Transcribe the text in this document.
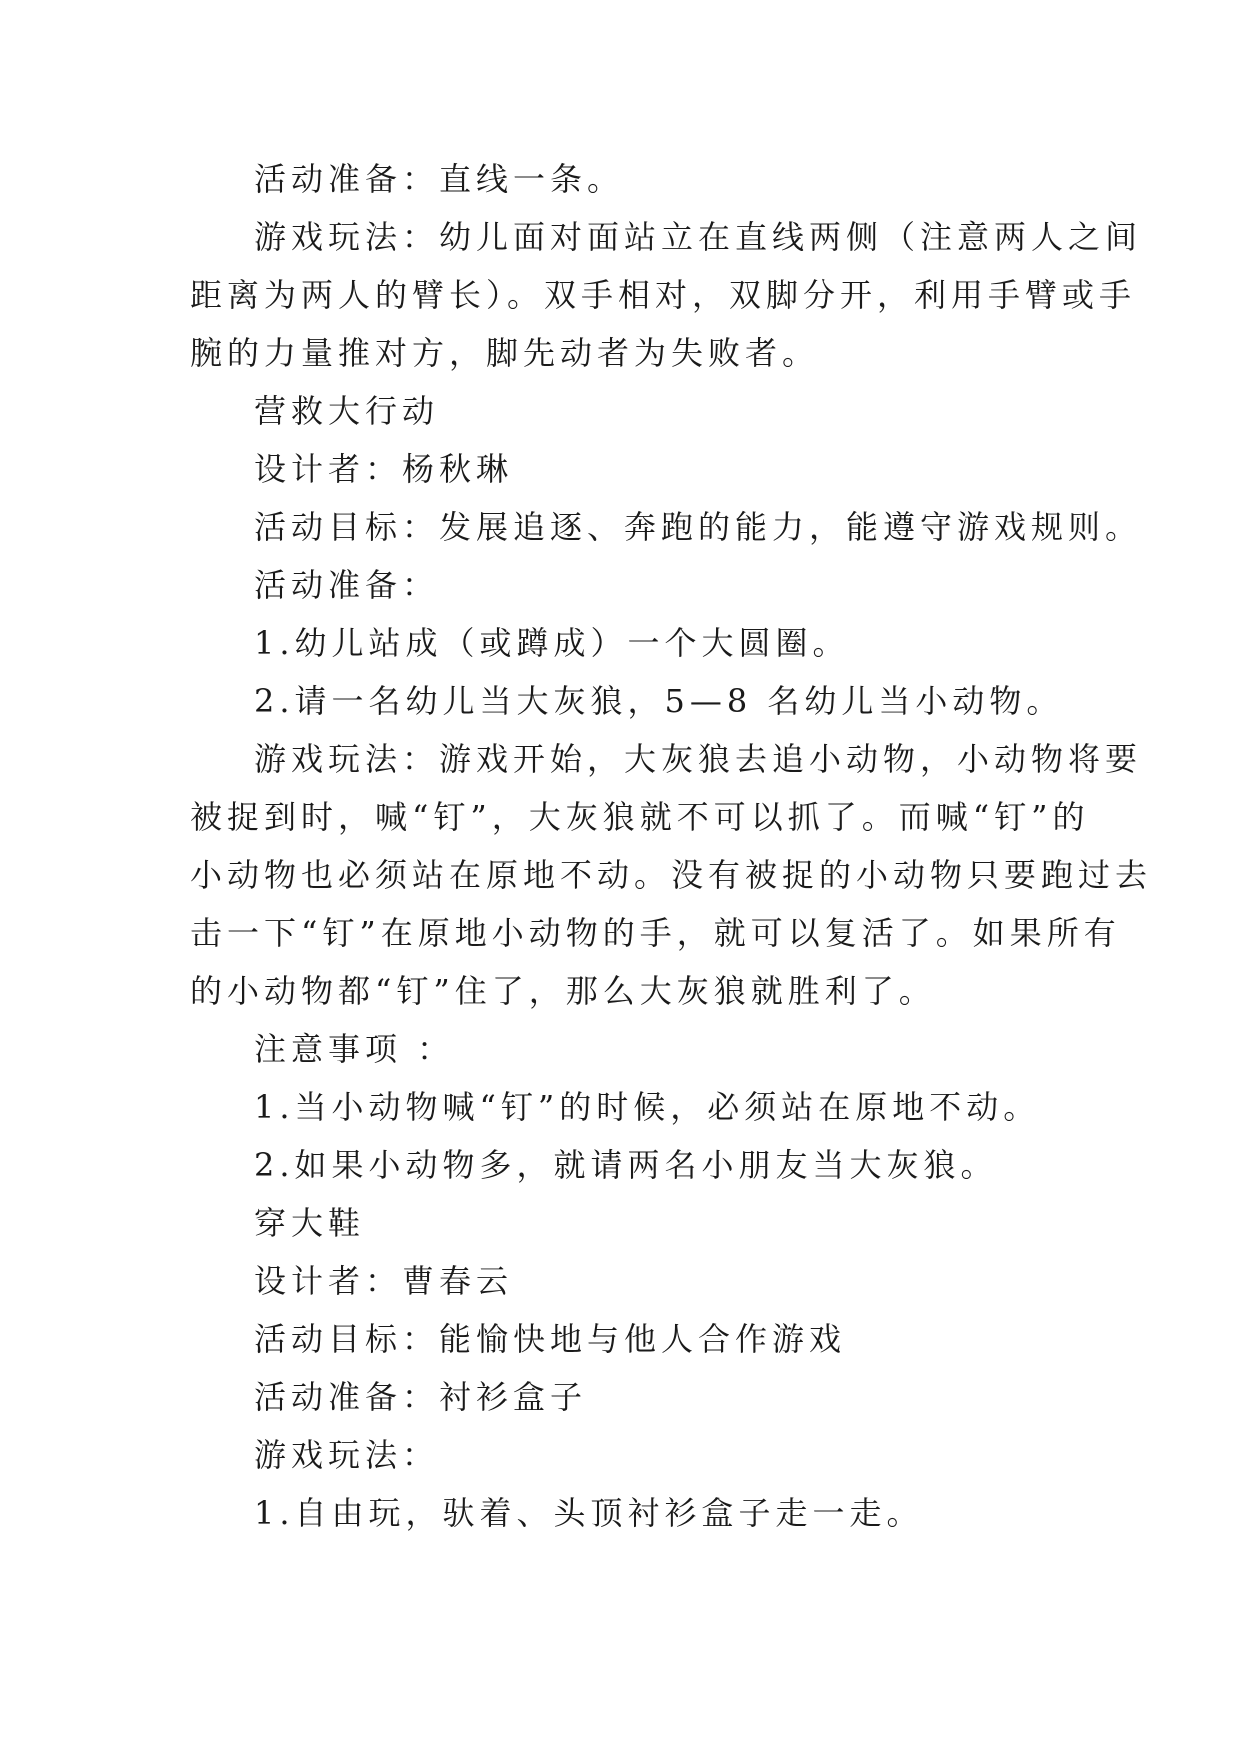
活动准备：直线一条。
游戏玩法：幼儿面对面站立在直线两侧（注意两人之间
距离为两人的臂长）。双手相对，双脚分开，利用手臂或手
腕的力量推对方，脚先动者为失败者。
营救大行动
设计者：杨秋琳
活动目标：发展追逐、奔跑的能力，能遵守游戏规则。
活动准备：
1.幼儿站成（或蹲成）一个大圆圈。
2.请一名幼儿当大灰狼，5—8 名幼儿当小动物。
游戏玩法：游戏开始，大灰狼去追小动物，小动物将要
被捉到时，喊“钉”，大灰狼就不可以抓了。而喊“钉”的
小动物也必须站在原地不动。没有被捉的小动物只要跑过去
击一下“钉”在原地小动物的手，就可以复活了。如果所有
的小动物都“钉”住了，那么大灰狼就胜利了。
注意事项 ：
1.当小动物喊“钉”的时候，必须站在原地不动。
2.如果小动物多，就请两名小朋友当大灰狼。
穿大鞋
设计者：曹春云
活动目标：能愉快地与他人合作游戏
活动准备：衬衫盒子
游戏玩法：
1.自由玩，驮着、头顶衬衫盒子走一走。
